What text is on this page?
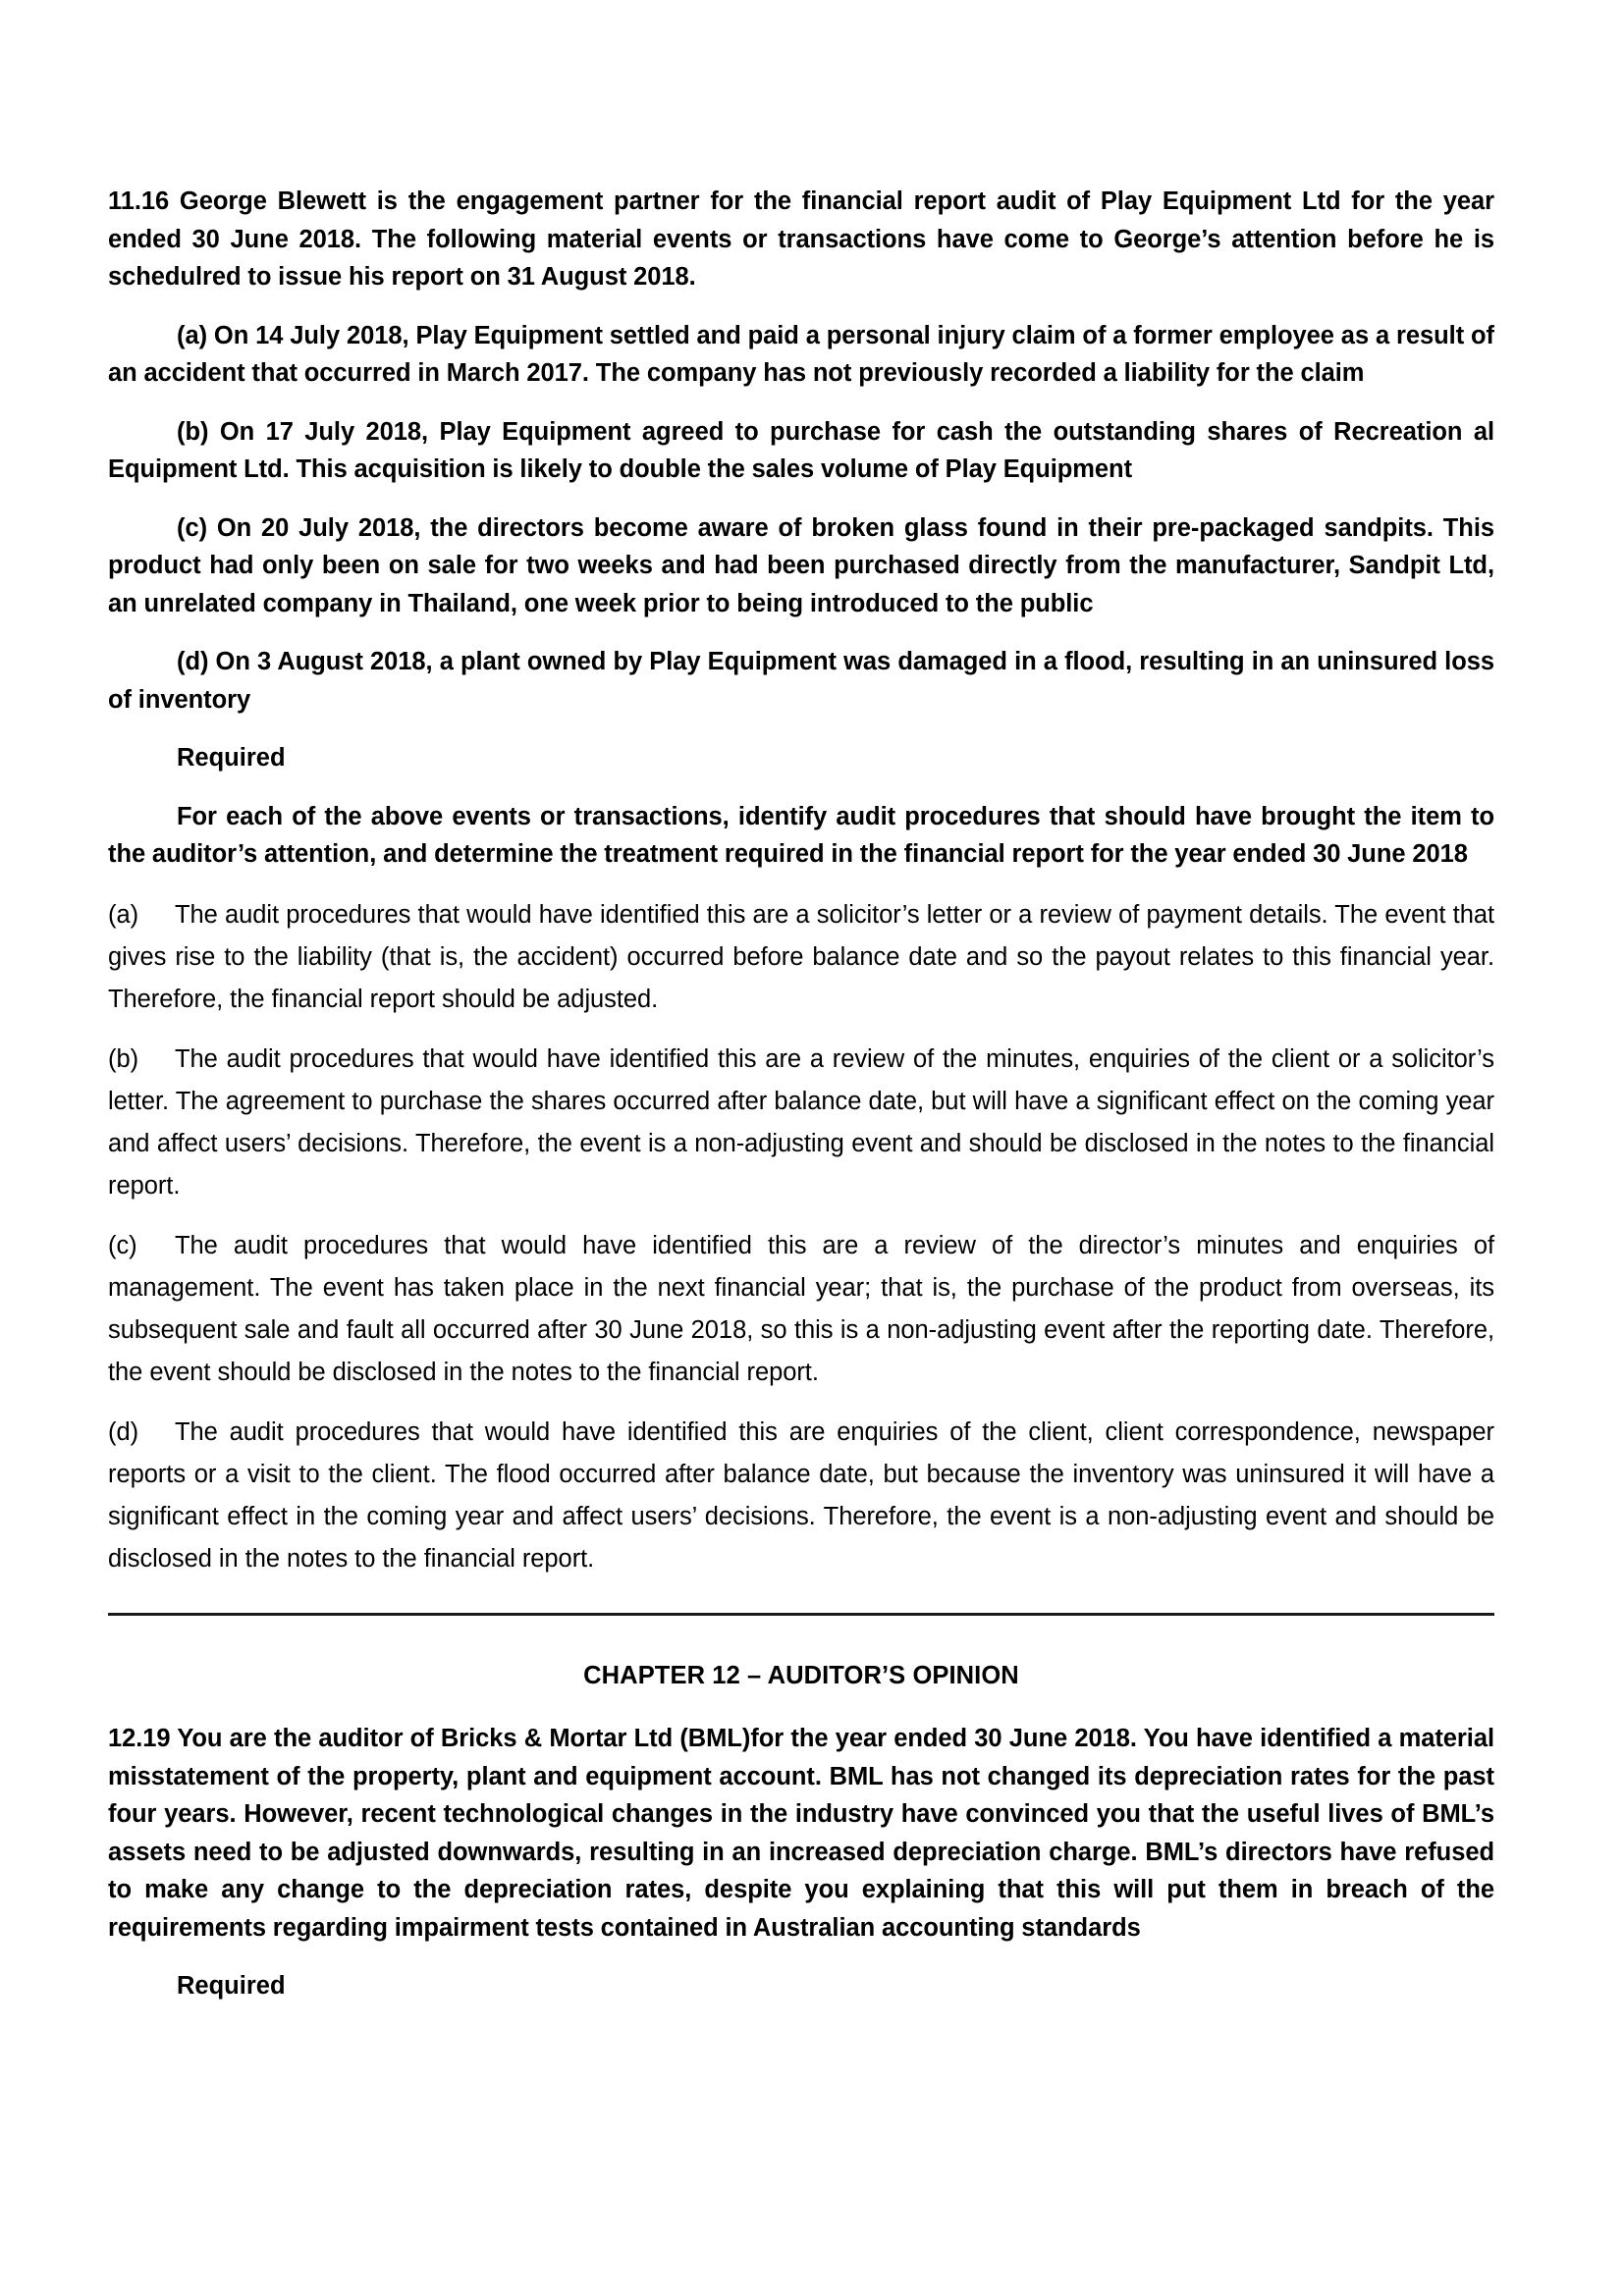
11.16 George Blewett is the engagement partner for the financial report audit of Play Equipment Ltd for the year ended 30 June 2018. The following material events or transactions have come to George’s attention before he is schedulred to issue his report on 31 August 2018.

(a) On 14 July 2018, Play Equipment settled and paid a personal injury claim of a former employee as a result of an accident that occurred in March 2017. The company has not previously recorded a liability for the claim

(b) On 17 July 2018, Play Equipment agreed to purchase for cash the outstanding shares of Recreation al Equipment Ltd. This acquisition is likely to double the sales volume of Play Equipment

(c) On 20 July 2018, the directors become aware of broken glass found in their pre-packaged sandpits. This product had only been on sale for two weeks and had been purchased directly from the manufacturer, Sandpit Ltd, an unrelated company in Thailand, one week prior to being introduced to the public

(d) On 3 August 2018, a plant owned by Play Equipment was damaged in a flood, resulting in an uninsured loss of inventory

Required

For each of the above events or transactions, identify audit procedures that should have brought the item to the auditor’s attention, and determine the treatment required in the financial report for the year ended 30 June 2018

(a) The audit procedures that would have identified this are a solicitor’s letter or a review of payment details. The event that gives rise to the liability (that is, the accident) occurred before balance date and so the payout relates to this financial year. Therefore, the financial report should be adjusted.

(b) The audit procedures that would have identified this are a review of the minutes, enquiries of the client or a solicitor’s letter. The agreement to purchase the shares occurred after balance date, but will have a significant effect on the coming year and affect users’ decisions. Therefore, the event is a non-adjusting event and should be disclosed in the notes to the financial report.

(c) The audit procedures that would have identified this are a review of the director’s minutes and enquiries of management. The event has taken place in the next financial year; that is, the purchase of the product from overseas, its subsequent sale and fault all occurred after 30 June 2018, so this is a non-adjusting event after the reporting date. Therefore, the event should be disclosed in the notes to the financial report.

(d) The audit procedures that would have identified this are enquiries of the client, client correspondence, newspaper reports or a visit to the client. The flood occurred after balance date, but because the inventory was uninsured it will have a significant effect in the coming year and affect users’ decisions. Therefore, the event is a non-adjusting event and should be disclosed in the notes to the financial report.

CHAPTER 12 – AUDITOR’S OPINION

12.19 You are the auditor of Bricks & Mortar Ltd (BML)for the year ended 30 June 2018. You have identified a material misstatement of the property, plant and equipment account. BML has not changed its depreciation rates for the past four years. However, recent technological changes in the industry have convinced you that the useful lives of BML’s assets need to be adjusted downwards, resulting in an increased depreciation charge. BML’s directors have refused to make any change to the depreciation rates, despite you explaining that this will put them in breach of the requirements regarding impairment tests contained in Australian accounting standards

Required
